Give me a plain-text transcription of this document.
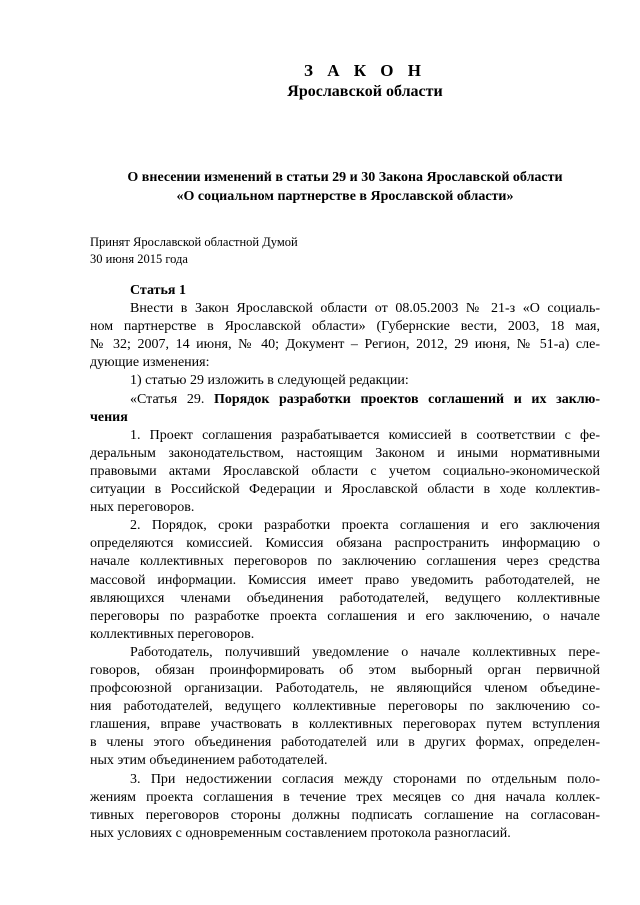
З А К О Н
Ярославской области
О внесении изменений в статьи 29 и 30 Закона Ярославской области
«О социальном партнерстве в Ярославской области»
Принят Ярославской областной Думой
30 июня 2015 года
Статья 1
Внести в Закон Ярославской области от 08.05.2003 № 21-з «О социаль-
ном партнерстве в Ярославской области» (Губернские вести, 2003, 18 мая,
№ 32; 2007, 14 июня, № 40; Документ – Регион, 2012, 29 июня, № 51-а) сле-
дующие изменения:
1) статью 29 изложить в следующей редакции:
«Статья 29. Порядок разработки проектов соглашений и их заклю-
чения
1. Проект соглашения разрабатывается комиссией в соответствии с фе-
деральным законодательством, настоящим Законом и иными нормативными
правовыми актами Ярославской области с учетом социально-экономической
ситуации в Российской Федерации и Ярославской области в ходе коллектив-
ных переговоров.
2. Порядок, сроки разработки проекта соглашения и его заключения
определяются комиссией. Комиссия обязана распространить информацию о
начале коллективных переговоров по заключению соглашения через средства
массовой информации. Комиссия имеет право уведомить работодателей, не
являющихся членами объединения работодателей, ведущего коллективные
переговоры по разработке проекта соглашения и его заключению, о начале
коллективных переговоров.
Работодатель, получивший уведомление о начале коллективных пере-
говоров, обязан проинформировать об этом выборный орган первичной
профсоюзной организации. Работодатель, не являющийся членом объедине-
ния работодателей, ведущего коллективные переговоры по заключению со-
глашения, вправе участвовать в коллективных переговорах путем вступления
в члены этого объединения работодателей или в других формах, определен-
ных этим объединением работодателей.
3. При недостижении согласия между сторонами по отдельным поло-
жениям проекта соглашения в течение трех месяцев со дня начала коллек-
тивных переговоров стороны должны подписать соглашение на согласован-
ных условиях с одновременным составлением протокола разногласий.
